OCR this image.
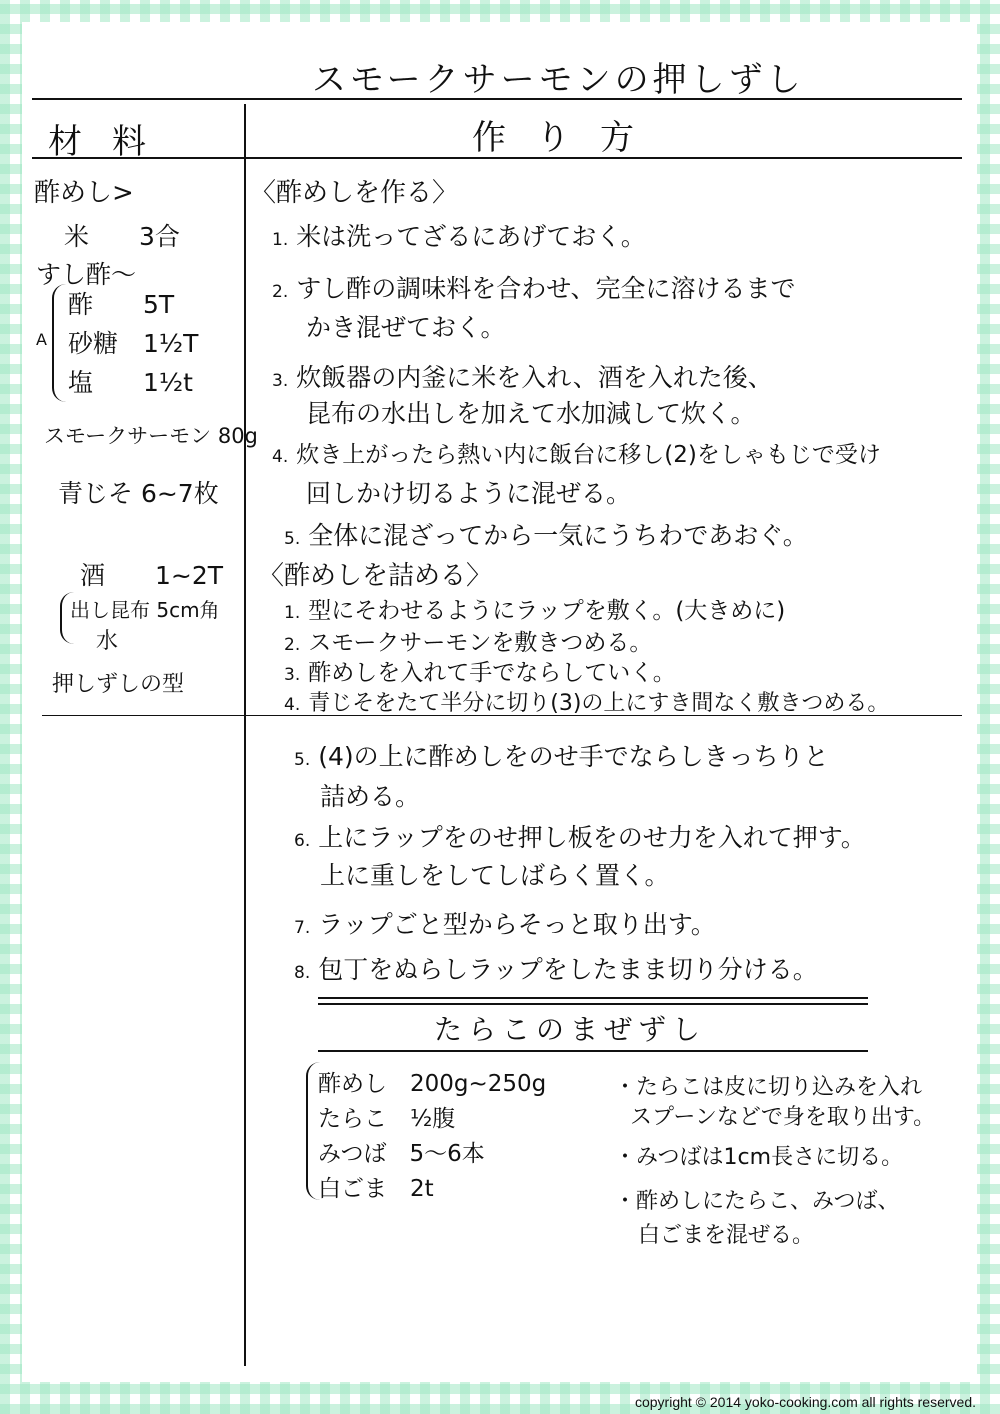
スモークサーモンの押しずし
材料	作り方
酢めし>
米　　3合
すし酢～
A
酢　　5T
砂糖　1½T
塩　　1½t
スモークサーモン 80g
青じそ 6~7枚
酒　　1~2T
出し昆布 5cm角
水
押しずしの型
〈酢めしを作る〉
1. 米は洗ってざるにあげておく。
2. すし酢の調味料を合わせ、完全に溶けるまで
かき混ぜておく。
3. 炊飯器の内釜に米を入れ、酒を入れた後、
昆布の水出しを加えて水加減して炊く。
4. 炊き上がったら熱い内に飯台に移し(2)をしゃもじで受け
回しかけ切るように混ぜる。
5. 全体に混ざってから一気にうちわであおぐ。
〈酢めしを詰める〉
1. 型にそわせるようにラップを敷く。(大きめに)
2. スモークサーモンを敷きつめる。
3. 酢めしを入れて手でならしていく。
4. 青じそをたて半分に切り(3)の上にすき間なく敷きつめる。
5. (4)の上に酢めしをのせ手でならしきっちりと
詰める。
6. 上にラップをのせ押し板をのせ力を入れて押す。
上に重しをしてしばらく置く。
7. ラップごと型からそっと取り出す。
8. 包丁をぬらしラップをしたまま切り分ける。
たらこのまぜずし
酢めし　200g~250g
たらこ　½腹
みつば　5～6本
白ごま　2t
・たらこは皮に切り込みを入れ
スプーンなどで身を取り出す。
・みつばは1cm長さに切る。
・酢めしにたらこ、みつば、
白ごまを混ぜる。
copyright © 2014 yoko-cooking.com all rights reserved.
